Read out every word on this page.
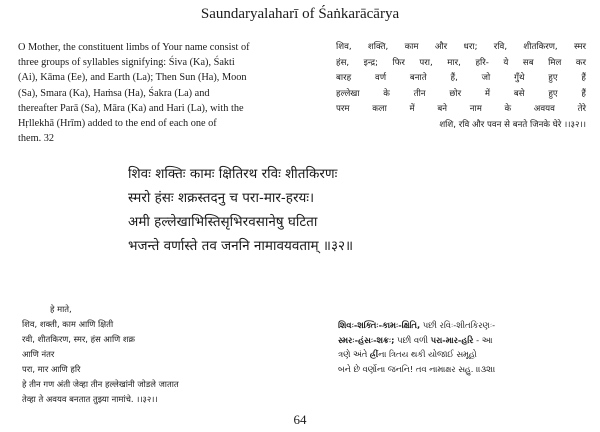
Saundaryalaharī of Śaṅkarācārya
O Mother, the constituent limbs of Your name consist of
three groups of syllables signifying: Śiva (Ka), Śakti
(Ai), Kāma (Ee), and Earth (La); Then Sun (Ha), Moon
(Sa), Smara (Ka), Haṁsa (Ha), Śakra (La) and
thereafter Parā (Sa), Māra (Ka) and Hari (La), with the
Hṛllekhā (Hrīm) added to the end of each one of
them. 32
शिव, शक्ति, काम और धरा; रवि, शीतकिरण, स्मर
हंस, इन्द्र; फिर परा, मार, हरि- ये सब मिल कर
बारह वर्ण बनाते हैं, जो गुँथे हुए हैं
हल्लेखा के तीन छोर में बसे हुए हैं
परम कला में बने नाम के अवयव तेरे
शशि, रवि और पवन से बनते जिनके घेरे ।।३२।।
शिवः शक्तिः कामः क्षितिरथ रविः शीतकिरणः
स्मरो हंसः शक्रस्तदनु च परा-मार-हरयः।
अमी हल्लेखाभिस्तिसृभिरवसानेषु घटिता
भजन्ते वर्णास्ते तव जननि नामावयवताम् ॥३२॥
हे माते,
शिव, शक्ती, काम आणि क्षिती
रवी, शीतकिरण, स्मर, हंस आणि शक्र
आणि नंतर
परा, मार आणि हरि
हे तीन गण अंती जेव्हा तीन हल्लेखांनी जोडले जातात
तेव्हा ते अवयव बनतात तुझ्या नामांचे. ।।३२।।
શિવઃ-શક્તિઃ-કામઃ-ક્ષિતિ, પછી રવિઃ-શીતકિરણઃ-
સ્મરઃ-હંસઃ-શક્રઃ; પછી વળી પરા-માર-હરિ - આ
ત્રણે અંતે હ્રીંના ત્રિતય થકી યોજાઈ સમૂહો
બને છે વર્ણોના જનનિ! તવ નામાક્ષર સહુ. ।।૩૨।।
64
